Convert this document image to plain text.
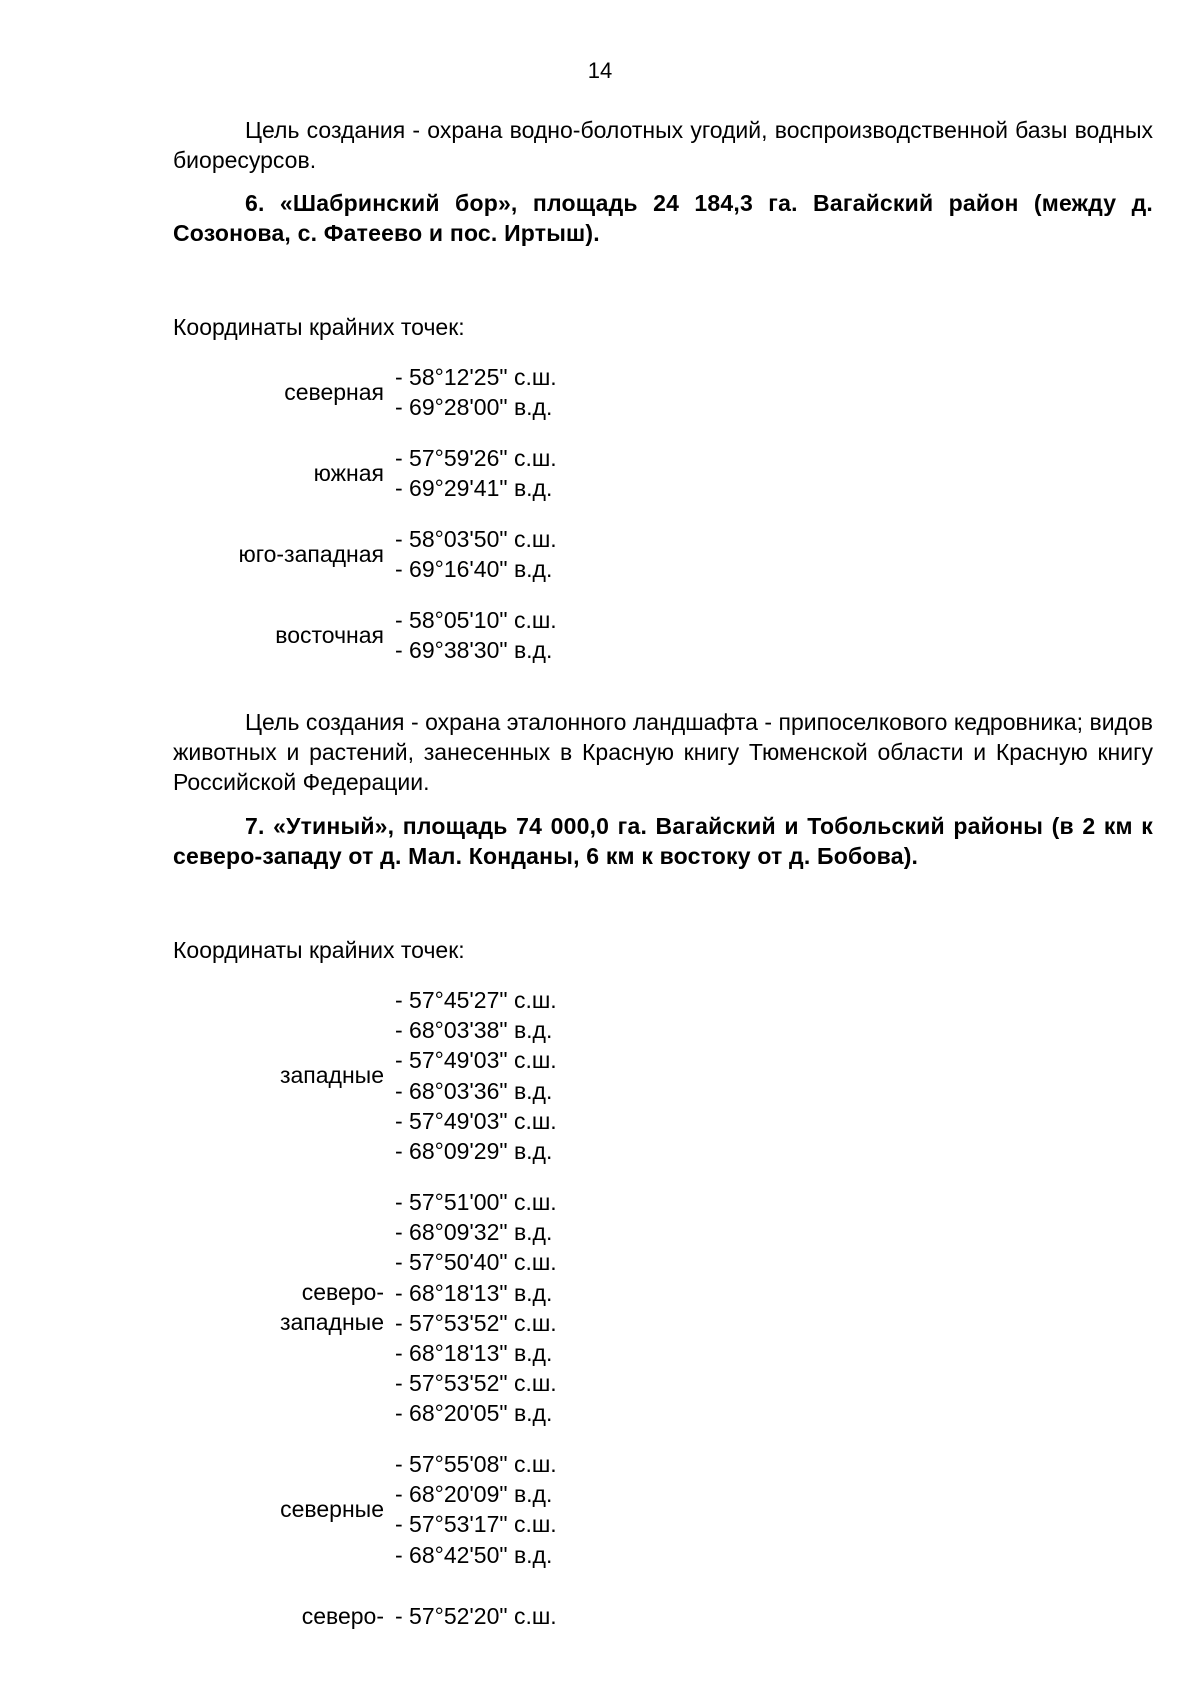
14

Цель создания - охрана водно-болотных угодий, воспроизводственной базы водных биоресурсов.

6. «Шабринский бор», площадь 24 184,3 га. Вагайский район (между д. Созонова, с. Фатеево и пос. Иртыш).

Координаты крайних точек:

северная
- 58°12'25" с.ш.
- 69°28'00" в.д.
южная
- 57°59'26" с.ш.
- 69°29'41" в.д.
юго-западная
- 58°03'50" с.ш.
- 69°16'40" в.д.
восточная
- 58°05'10" с.ш.
- 69°38'30" в.д.

Цель создания - охрана эталонного ландшафта - припоселкового кедровника; видов животных и растений, занесенных в Красную книгу Тюменской области и Красную книгу Российской Федерации.

7. «Утиный», площадь 74 000,0 га. Вагайский и Тобольский районы (в 2 км к северо-западу от д. Мал. Конданы, 6 км к востоку от д. Бобова).

Координаты крайних точек:

западные
- 57°45'27" с.ш.
- 68°03'38" в.д.
- 57°49'03" с.ш.
- 68°03'36" в.д.
- 57°49'03" с.ш.
- 68°09'29" в.д.
северо-
западные
- 57°51'00" с.ш.
- 68°09'32" в.д.
- 57°50'40" с.ш.
- 68°18'13" в.д.
- 57°53'52" с.ш.
- 68°18'13" в.д.
- 57°53'52" с.ш.
- 68°20'05" в.д.
северные
- 57°55'08" с.ш.
- 68°20'09" в.д.
- 57°53'17" с.ш.
- 68°42'50" в.д.
северо- - 57°52'20" с.ш.
